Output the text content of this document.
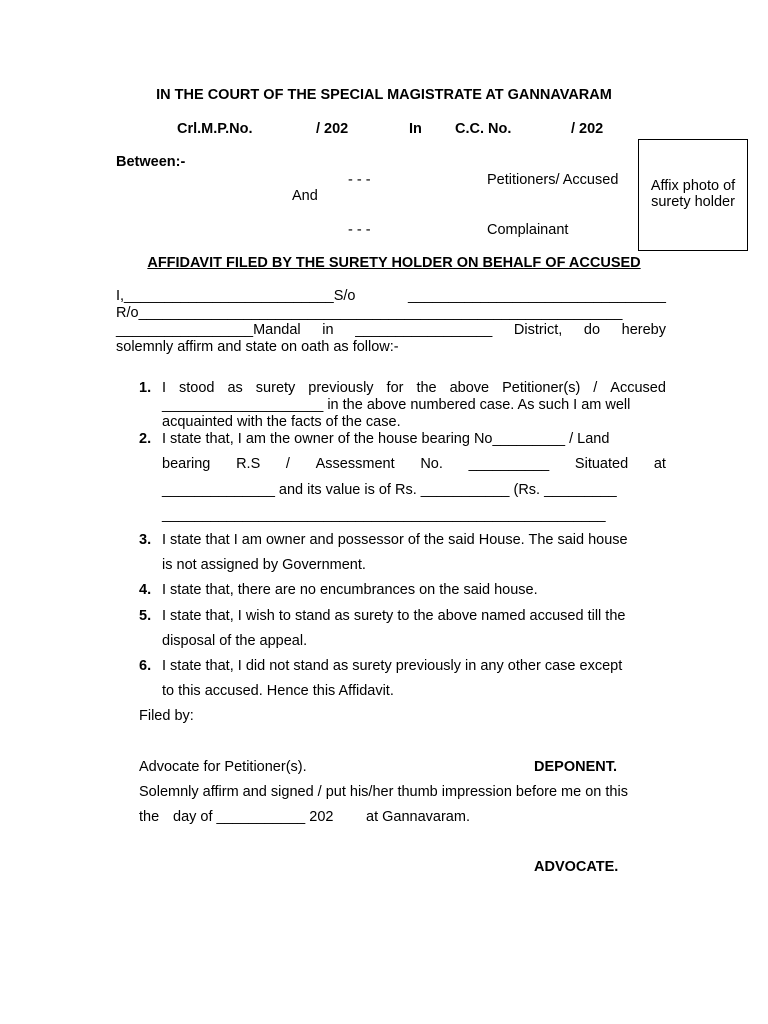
IN THE COURT OF THE SPECIAL MAGISTRATE AT GANNAVARAM
Crl.M.P.No.	/ 202	In C.C. No.	/ 202
Between:-
- - -	Petitioners/ Accused
And
- - -	Complainant
Affix photo of
surety holder
AFFIDAVIT FILED BY THE SURETY HOLDER ON BEHALF OF ACCUSED
I,__________________________S/o	________________________________
R/o____________________________________________________________
_________________Mandal in _________________ District, do hereby
solemnly affirm and state on oath as follow:-
1. I stood as surety previously for the above Petitioner(s) / Accused
____________________ in the above numbered case. As such I am well
acquainted with the facts of the case.
2. I state that, I am the owner of the house bearing No_________ / Land
bearing R.S / Assessment No. __________ Situated at
______________ and its value is of Rs. ___________ (Rs. _________
_______________________________________________________
3. I state that I am owner and possessor of the said House. The said house
is not assigned by Government.
4. I state that, there are no encumbrances on the said house.
5. I state that, I wish to stand as surety to the above named accused till the
disposal of the appeal.
6. I state that, I did not stand as surety previously in any other case except
to this accused. Hence this Affidavit.
Filed by:
Advocate for Petitioner(s).	DEPONENT.
Solemnly affirm and signed / put his/her thumb impression before me on this
the day of ___________ 202 at Gannavaram.
ADVOCATE.
